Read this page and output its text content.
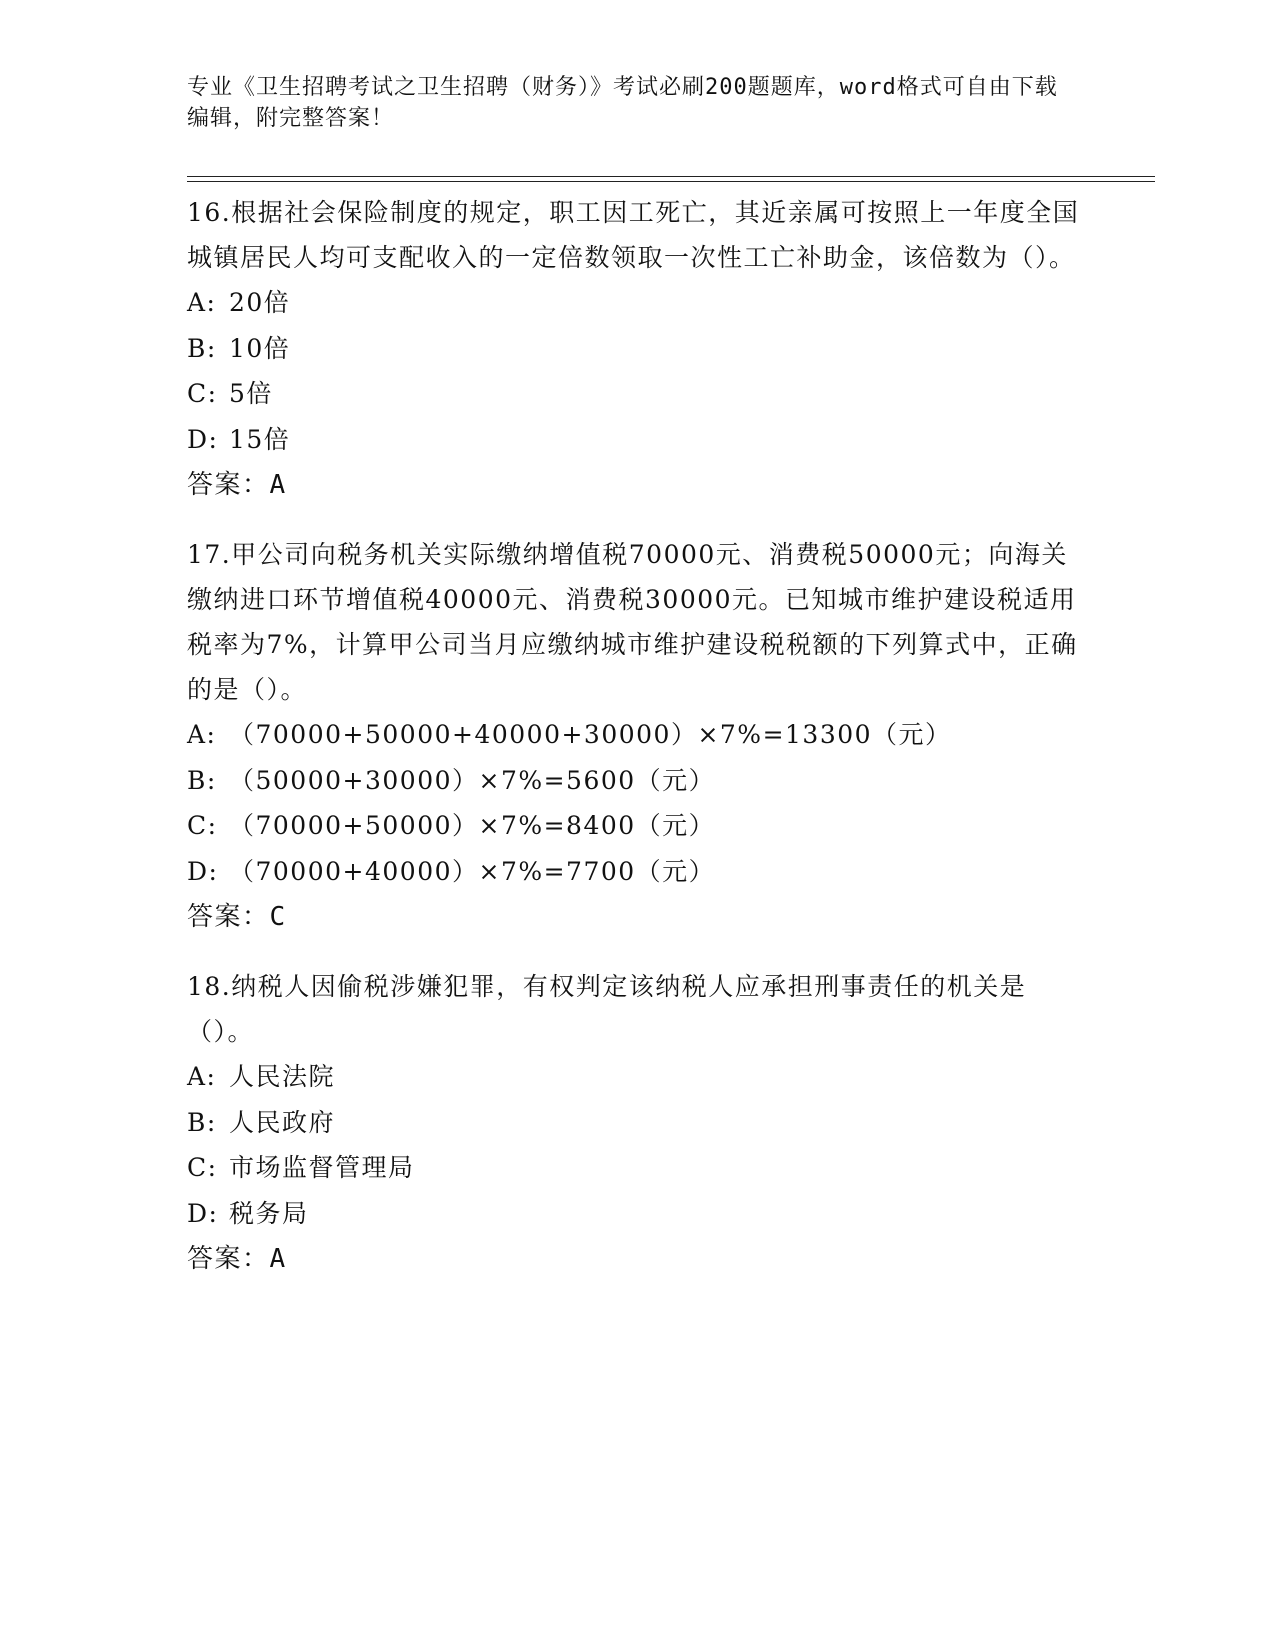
专业《卫生招聘考试之卫生招聘（财务）》考试必刷200题题库，word格式可自由下载编辑，附完整答案！
16.根据社会保险制度的规定，职工因工死亡，其近亲属可按照上一年度全国城镇居民人均可支配收入的一定倍数领取一次性工亡补助金，该倍数为（）。
A: 20倍
B: 10倍
C: 5倍
D: 15倍
答案：A
17.甲公司向税务机关实际缴纳增值税70000元、消费税50000元；向海关缴纳进口环节增值税40000元、消费税30000元。已知城市维护建设税适用税率为7%，计算甲公司当月应缴纳城市维护建设税税额的下列算式中，正确的是（）。
A: （70000+50000+40000+30000）×7%=13300（元）
B: （50000+30000）×7%=5600（元）
C: （70000+50000）×7%=8400（元）
D: （70000+40000）×7%=7700（元）
答案：C
18.纳税人因偷税涉嫌犯罪，有权判定该纳税人应承担刑事责任的机关是（）。
A: 人民法院
B: 人民政府
C: 市场监督管理局
D: 税务局
答案：A
